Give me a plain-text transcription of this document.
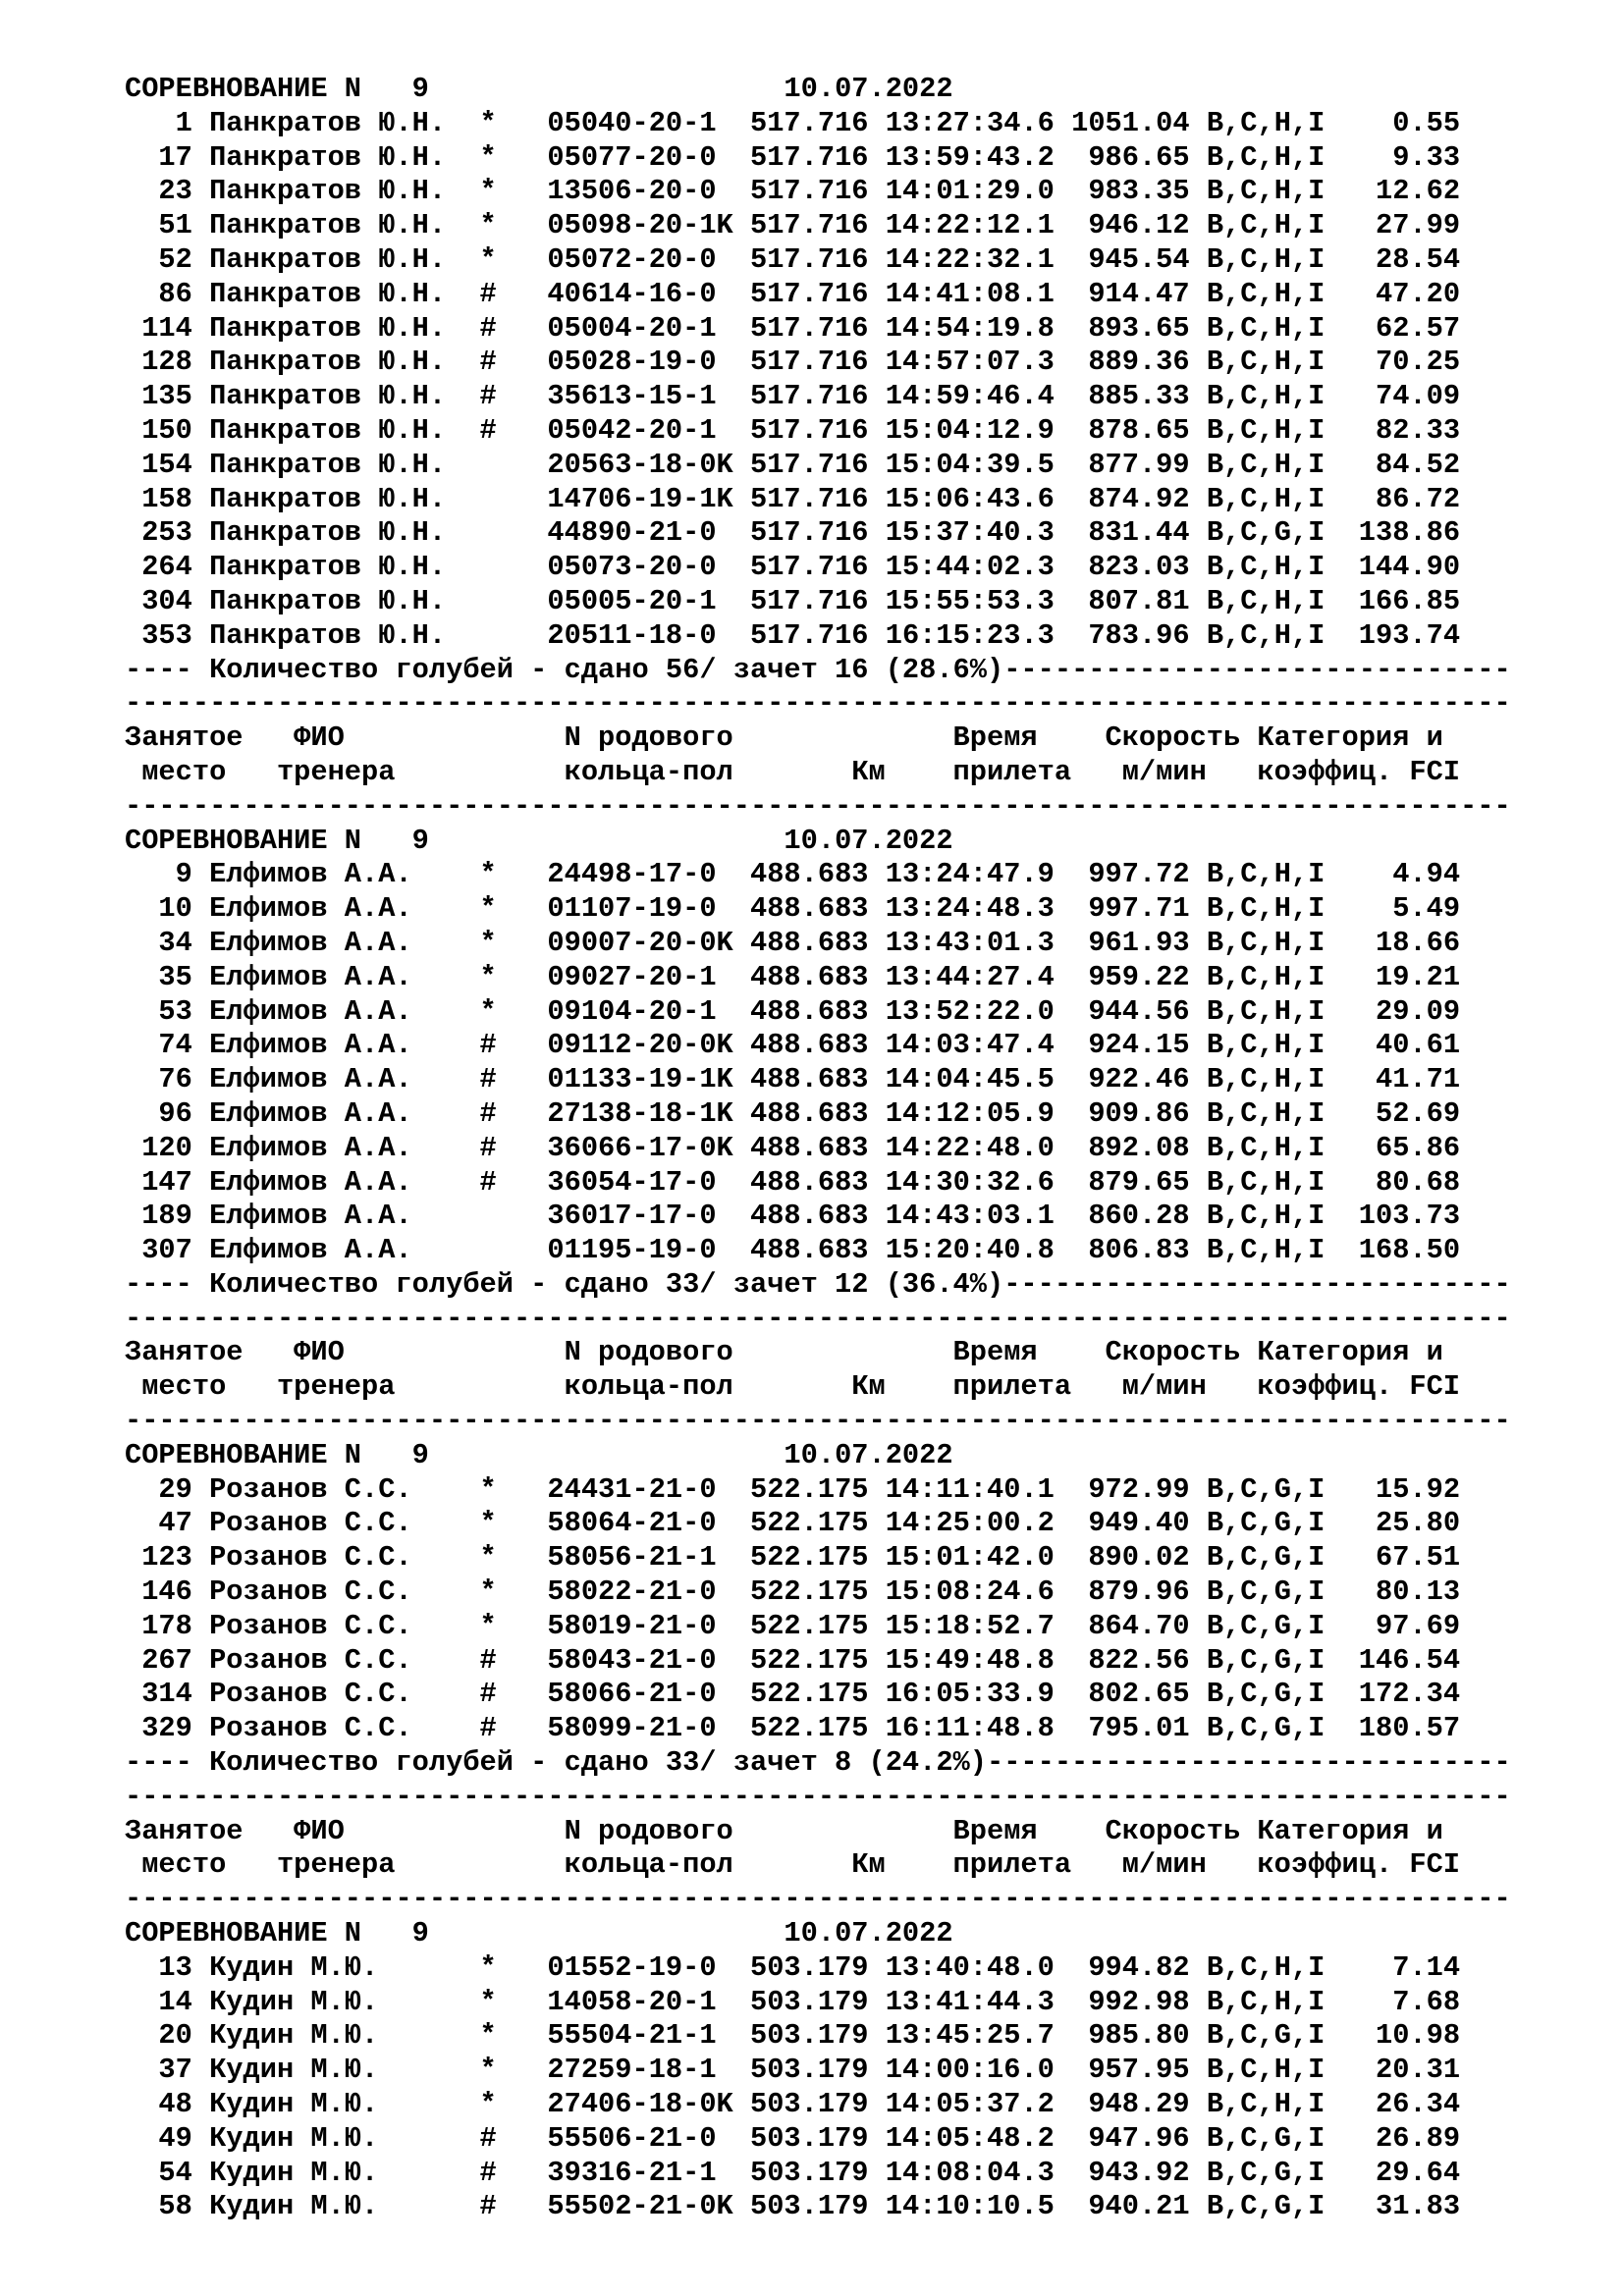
СОРЕВНОВАНИЕ N   9	10.07.2022
1 Панкратов Ю.Н.  *   05040-20-1  517.716 13:27:34.6 1051.04 B,C,H,I    0.55
17 Панкратов Ю.Н.  *   05077-20-0  517.716 13:59:43.2  986.65 B,C,H,I    9.33
23 Панкратов Ю.Н.  *   13506-20-0  517.716 14:01:29.0  983.35 B,C,H,I   12.62
51 Панкратов Ю.Н.  *   05098-20-1K 517.716 14:22:12.1  946.12 B,C,H,I   27.99
52 Панкратов Ю.Н.  *   05072-20-0  517.716 14:22:32.1  945.54 B,C,H,I   28.54
86 Панкратов Ю.Н.  #   40614-16-0  517.716 14:41:08.1  914.47 B,C,H,I   47.20
114 Панкратов Ю.Н.  #   05004-20-1  517.716 14:54:19.8  893.65 B,C,H,I   62.57
128 Панкратов Ю.Н.  #   05028-19-0  517.716 14:57:07.3  889.36 B,C,H,I   70.25
135 Панкратов Ю.Н.  #   35613-15-1  517.716 14:59:46.4  885.33 B,C,H,I   74.09
150 Панкратов Ю.Н.  #   05042-20-1  517.716 15:04:12.9  878.65 B,C,H,I   82.33
154 Панкратов Ю.Н.      20563-18-0K 517.716 15:04:39.5  877.99 B,C,H,I   84.52
158 Панкратов Ю.Н.      14706-19-1K 517.716 15:06:43.6  874.92 B,C,H,I   86.72
253 Панкратов Ю.Н.      44890-21-0  517.716 15:37:40.3  831.44 B,C,G,I  138.86
264 Панкратов Ю.Н.      05073-20-0  517.716 15:44:02.3  823.03 B,C,H,I  144.90
304 Панкратов Ю.Н.      05005-20-1  517.716 15:55:53.3  807.81 B,C,H,I  166.85
353 Панкратов Ю.Н.      20511-18-0  517.716 16:15:23.3  783.96 B,C,H,I  193.74
---- Количество голубей - сдано 56/ зачет 16 (28.6%)------------------------------
----------------------------------------------------------------------------------
Занятое   ФИО             N родового             Время    Скорость Категория и
место   тренера          кольца-пол       Км    прилета   м/мин   коэффиц. FCI
----------------------------------------------------------------------------------
СОРЕВНОВАНИЕ N   9	10.07.2022
9 Елфимов А.А.    *   24498-17-0  488.683 13:24:47.9  997.72 B,C,H,I    4.94
10 Елфимов А.А.    *   01107-19-0  488.683 13:24:48.3  997.71 B,C,H,I    5.49
34 Елфимов А.А.    *   09007-20-0K 488.683 13:43:01.3  961.93 B,C,H,I   18.66
35 Елфимов А.А.    *   09027-20-1  488.683 13:44:27.4  959.22 B,C,H,I   19.21
53 Елфимов А.А.    *   09104-20-1  488.683 13:52:22.0  944.56 B,C,H,I   29.09
74 Елфимов А.А.    #   09112-20-0K 488.683 14:03:47.4  924.15 B,C,H,I   40.61
76 Елфимов А.А.    #   01133-19-1K 488.683 14:04:45.5  922.46 B,C,H,I   41.71
96 Елфимов А.А.    #   27138-18-1K 488.683 14:12:05.9  909.86 B,C,H,I   52.69
120 Елфимов А.А.    #   36066-17-0K 488.683 14:22:48.0  892.08 B,C,H,I   65.86
147 Елфимов А.А.    #   36054-17-0  488.683 14:30:32.6  879.65 B,C,H,I   80.68
189 Елфимов А.А.        36017-17-0  488.683 14:43:03.1  860.28 B,C,H,I  103.73
307 Елфимов А.А.        01195-19-0  488.683 15:20:40.8  806.83 B,C,H,I  168.50
---- Количество голубей - сдано 33/ зачет 12 (36.4%)------------------------------
----------------------------------------------------------------------------------
Занятое   ФИО             N родового             Время    Скорость Категория и
место   тренера          кольца-пол       Км    прилета   м/мин   коэффиц. FCI
----------------------------------------------------------------------------------
СОРЕВНОВАНИЕ N   9	10.07.2022
29 Розанов С.С.    *   24431-21-0  522.175 14:11:40.1  972.99 B,C,G,I   15.92
47 Розанов С.С.    *   58064-21-0  522.175 14:25:00.2  949.40 B,C,G,I   25.80
123 Розанов С.С.    *   58056-21-1  522.175 15:01:42.0  890.02 B,C,G,I   67.51
146 Розанов С.С.    *   58022-21-0  522.175 15:08:24.6  879.96 B,C,G,I   80.13
178 Розанов С.С.    *   58019-21-0  522.175 15:18:52.7  864.70 B,C,G,I   97.69
267 Розанов С.С.    #   58043-21-0  522.175 15:49:48.8  822.56 B,C,G,I  146.54
314 Розанов С.С.    #   58066-21-0  522.175 16:05:33.9  802.65 B,C,G,I  172.34
329 Розанов С.С.    #   58099-21-0  522.175 16:11:48.8  795.01 B,C,G,I  180.57
---- Количество голубей - сдано 33/ зачет 8 (24.2%)-------------------------------
----------------------------------------------------------------------------------
Занятое   ФИО             N родового             Время    Скорость Категория и
место   тренера          кольца-пол       Км    прилета   м/мин   коэффиц. FCI
----------------------------------------------------------------------------------
СОРЕВНОВАНИЕ N   9	10.07.2022
13 Кудин М.Ю.      *   01552-19-0  503.179 13:40:48.0  994.82 B,C,H,I    7.14
14 Кудин М.Ю.      *   14058-20-1  503.179 13:41:44.3  992.98 B,C,H,I    7.68
20 Кудин М.Ю.      *   55504-21-1  503.179 13:45:25.7  985.80 B,C,G,I   10.98
37 Кудин М.Ю.      *   27259-18-1  503.179 14:00:16.0  957.95 B,C,H,I   20.31
48 Кудин М.Ю.      *   27406-18-0K 503.179 14:05:37.2  948.29 B,C,H,I   26.34
49 Кудин М.Ю.      #   55506-21-0  503.179 14:05:48.2  947.96 B,C,G,I   26.89
54 Кудин М.Ю.      #   39316-21-1  503.179 14:08:04.3  943.92 B,C,G,I   29.64
58 Кудин М.Ю.      #   55502-21-0K 503.179 14:10:10.5  940.21 B,C,G,I   31.83
